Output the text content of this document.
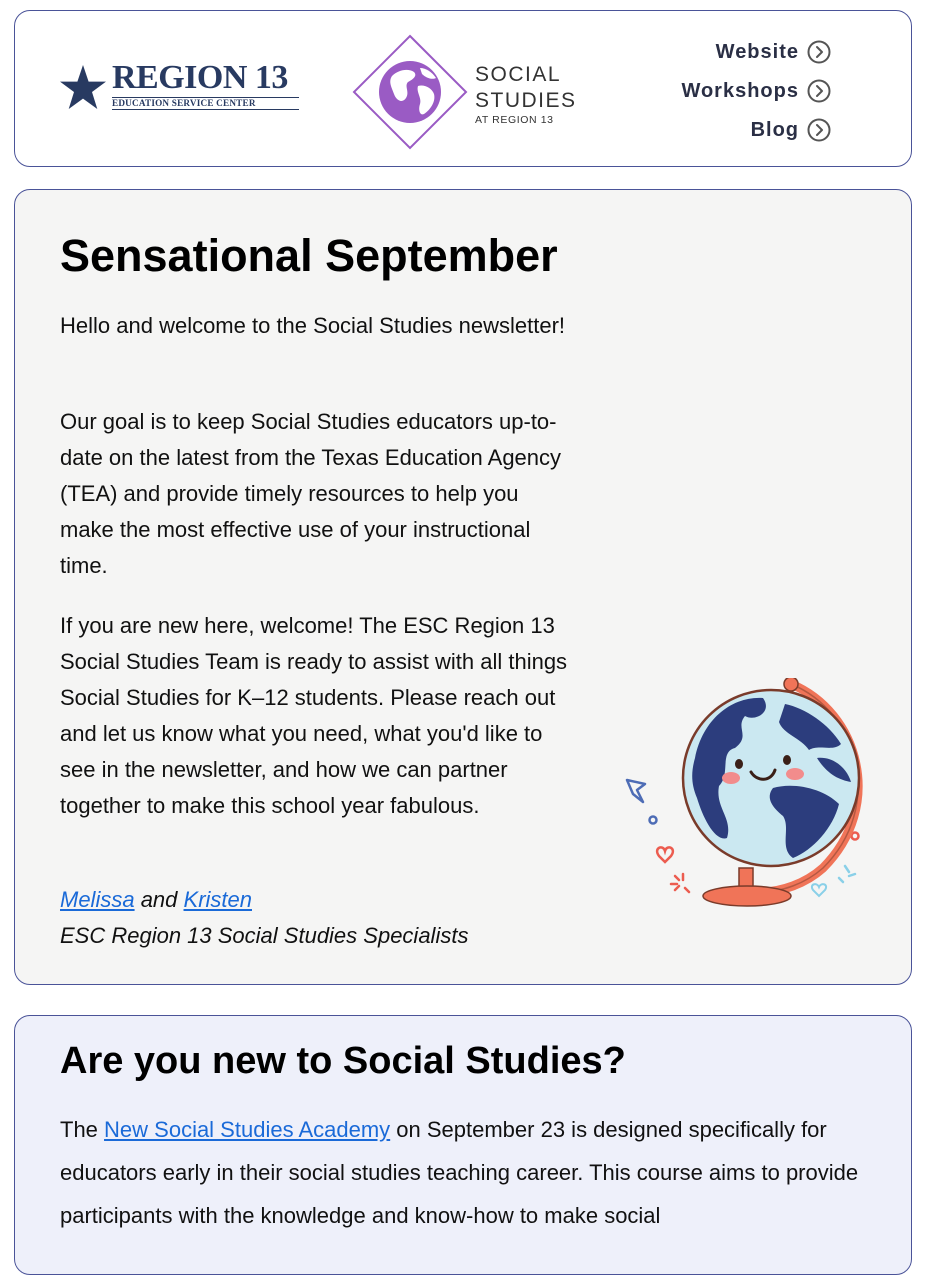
REGION 13
EDUCATION SERVICE CENTER
SOCIAL
STUDIES
AT REGION 13
Website
Workshops
Blog
Sensational September

Hello and welcome to the Social Studies newsletter!

Our goal is to keep Social Studies educators up-to-date on the latest from the Texas Education Agency (TEA) and provide timely resources to help you make the most effective use of your instructional time.

If you are new here, welcome! The ESC Region 13 Social Studies Team is ready to assist with all things Social Studies for K–12 students. Please reach out and let us know what you need, what you'd like to see in the newsletter, and how we can partner together to make this school year fabulous.

Melissa and Kristen

ESC Region 13 Social Studies Specialists

Are you new to Social Studies?

The New Social Studies Academy on September 23 is designed specifically for educators early in their social studies teaching career. This course aims to provide participants with the knowledge and know-how to make social
